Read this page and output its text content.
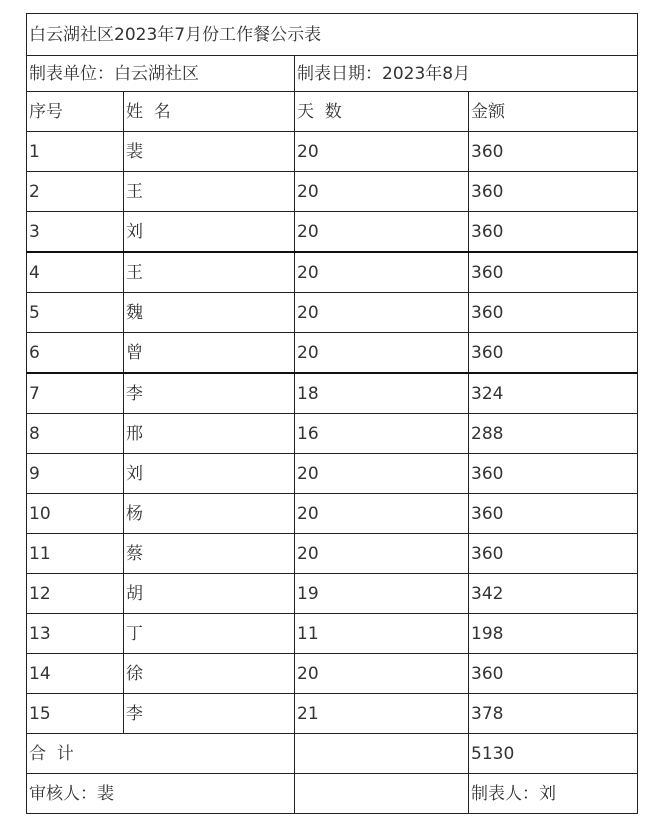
白云湖社区2023年7月份工作餐公示表			
制表单位：白云湖社区		制表日期：2023年8月	
序号	姓  名	天  数	金额
1	裴	20	360
2	王	20	360
3	刘	20	360
4	王	20	360
5	魏	20	360
6	曾	20	360
7	李	18	324
8	邢	16	288
9	刘	20	360
10	杨	20	360
11	蔡	20	360
12	胡	19	342
13	丁	11	198
14	徐	20	360
15	李	21	378
合  计			5130
审核人：裴			制表人：刘
